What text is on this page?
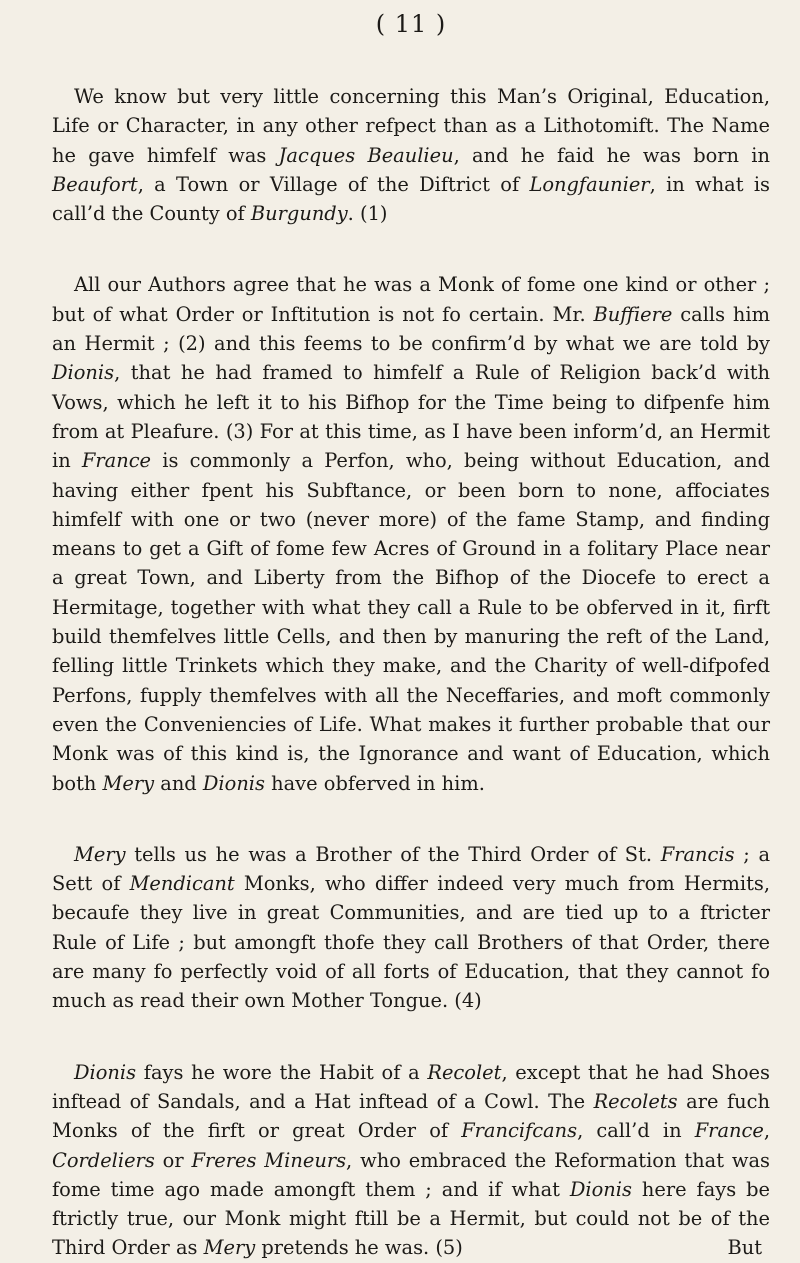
( 11 )

We know but very little concerning this Man’s Original, Education, Life or Character, in any other refpect than as a Lithotomift. The Name he gave himfelf was Jacques Beaulieu, and he faid he was born in Beaufort, a Town or Village of the Diftrict of Longfaunier, in what is call’d the County of Burgundy. (1)

All our Authors agree that he was a Monk of fome one kind or other ; but of what Order or Inftitution is not fo certain. Mr. Buffiere calls him an Hermit ; (2) and this feems to be confirm’d by what we are told by Dionis, that he had framed to himfelf a Rule of Religion back’d with Vows, which he left it to his Bifhop for the Time being to difpenfe him from at Pleafure. (3) For at this time, as I have been inform’d, an Hermit in France is commonly a Perfon, who, being without Education, and having either fpent his Subftance, or been born to none, affociates himfelf with one or two (never more) of the fame Stamp, and finding means to get a Gift of fome few Acres of Ground in a folitary Place near a great Town, and Liberty from the Bifhop of the Diocefe to erect a Hermitage, together with what they call a Rule to be obferved in it, firft build themfelves little Cells, and then by manuring the reft of the Land, felling little Trinkets which they make, and the Charity of well-difpofed Perfons, fupply themfelves with all the Neceffaries, and moft commonly even the Conveniencies of Life. What makes it further probable that our Monk was of this kind is, the Ignorance and want of Education, which both Mery and Dionis have obferved in him.

Mery tells us he was a Brother of the Third Order of St. Francis ; a Sett of Mendicant Monks, who differ indeed very much from Hermits, becaufe they live in great Communities, and are tied up to a ftricter Rule of Life ; but amongft thofe they call Brothers of that Order, there are many fo perfectly void of all forts of Education, that they cannot fo much as read their own Mother Tongue. (4)

Dionis fays he wore the Habit of a Recolet, except that he had Shoes inftead of Sandals, and a Hat inftead of a Cowl. The Recolets are fuch Monks of the firft or great Order of Francifcans, call’d in France, Cordeliers or Freres Mineurs, who embraced the Reformation that was fome time ago made amongft them ; and if what Dionis here fays be ftrictly true, our Monk might ftill be a Hermit, but could not be of the Third Order as Mery pretends he was. (5)	But
